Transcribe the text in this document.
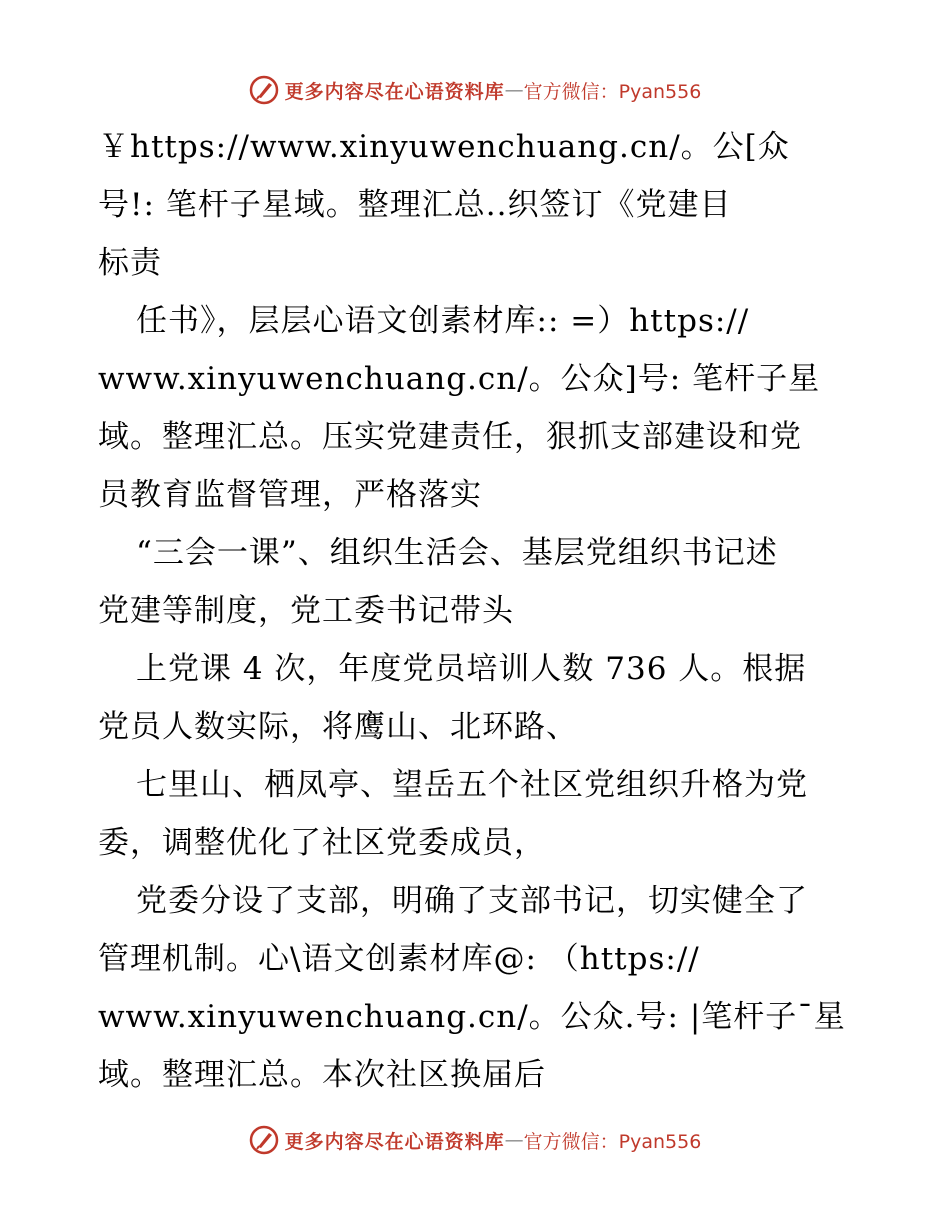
更多内容尽在心语资料库 — 官方微信：Pyan556
￥https://www.xinyuwenchuang.cn/。公[众
号!: 笔杆子星域。整理汇总..织签订《党建目
标责
任书》，层层心语文创素材库:: =）https://
www.xinyuwenchuang.cn/。公众]号: 笔杆子星
域。整理汇总。压实党建责任，狠抓支部建设和党
员教育监督管理，严格落实
“三会一课”、组织生活会、基层党组织书记述
党建等制度，党工委书记带头
上党课 4 次，年度党员培训人数 736 人。根据
党员人数实际，将鹰山、北环路、
七里山、栖凤亭、望岳五个社区党组织升格为党
委，调整优化了社区党委成员，
党委分设了支部，明确了支部书记，切实健全了
管理机制。心\语文创素材库@: （https://
www.xinyuwenchuang.cn/。公众.号: |笔杆子¯星
域。整理汇总。本次社区换届后
更多内容尽在心语资料库 — 官方微信：Pyan556
